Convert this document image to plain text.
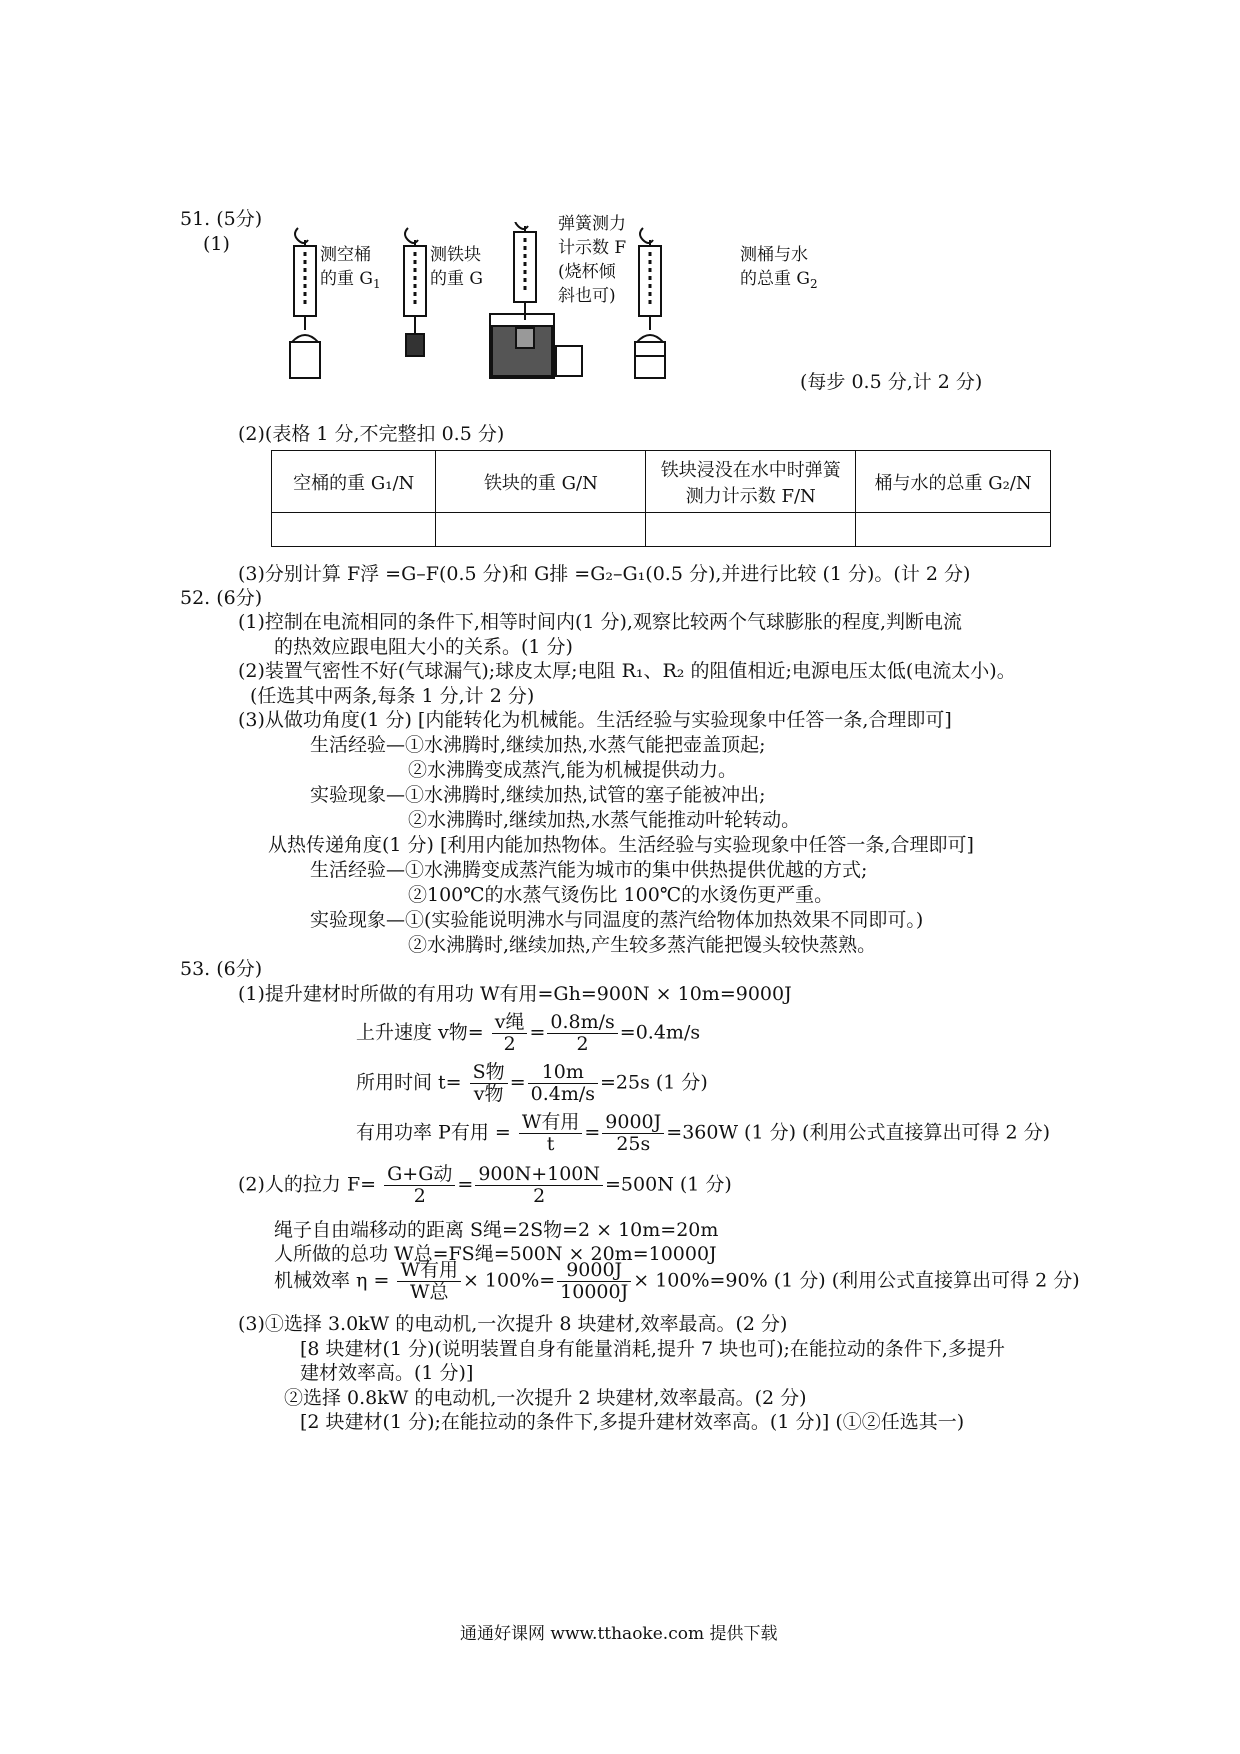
51. (5分)
(1)	测空桶
的重 $G_1$
测铁块
的重 G
弹簧测力
计示数 F
(烧杯倾
斜也可)
测桶与水
的总重 $G_2$
(每步 0.5 分,计 2 分)
(2)(表格 1 分,不完整扣 0.5 分)
空桶的重 G₁/N	铁块的重 G/N	铁块浸没在水中时弹簧测力计示数 F/N	桶与水的总重 G₂/N

(3)分别计算 F浮 =G–F(0.5 分)和 G排 =G₂–G₁(0.5 分),并进行比较 (1 分)。(计 2 分)
52. (6分)
(1)控制在电流相同的条件下,相等时间内(1 分),观察比较两个气球膨胀的程度,判断电流
的热效应跟电阻大小的关系。(1 分)
(2)装置气密性不好(气球漏气);球皮太厚;电阻 R₁、R₂ 的阻值相近;电源电压太低(电流太小)。
(任选其中两条,每条 1 分,计 2 分)
(3)从做功角度(1 分) [内能转化为机械能。生活经验与实验现象中任答一条,合理即可]
生活经验—①水沸腾时,继续加热,水蒸气能把壶盖顶起;
②水沸腾变成蒸汽,能为机械提供动力。
实验现象—①水沸腾时,继续加热,试管的塞子能被冲出;
②水沸腾时,继续加热,水蒸气能推动叶轮转动。
从热传递角度(1 分) [利用内能加热物体。生活经验与实验现象中任答一条,合理即可]
生活经验—①水沸腾变成蒸汽能为城市的集中供热提供优越的方式;
②100℃的水蒸气烫伤比 100℃的水烫伤更严重。
实验现象—①(实验能说明沸水与同温度的蒸汽给物体加热效果不同即可。)
②水沸腾时,继续加热,产生较多蒸汽能把馒头较快蒸熟。
53. (6分)
(1)提升建材时所做的有用功 W有用=Gh=900N × 10m=9000J
上升速度 v物= $\frac{\text{v绳}}{2} = \frac{0.8m/s}{2} =0.4m/s$
所用时间 $t= \frac{\text{S物}}{\text{v物}} = \frac{10m}{0.4m/s} =25s$ (1 分)
有用功率 P有用 = $\frac{\text{W有用}}{t} = \frac{9000J}{25s} =360W$ (1 分) (利用公式直接算出可得 2 分)
(2)人的拉力 $F= \frac{\text{G+G动}}{2} = \frac{900N+100N}{2} =500N$ (1 分)
绳子自由端移动的距离 S绳=2S物=2 × 10m=20m
人所做的总功 W总=FS绳=500N × 20m=10000J
机械效率 $\eta = \frac{\text{W有用}}{\text{W总}} \times 100\%= \frac{9000J}{10000J} \times 100\%=90\%$ (1 分) (利用公式直接算出可得 2 分)
(3)①选择 3.0kW 的电动机,一次提升 8 块建材,效率最高。(2 分)
[8 块建材(1 分)(说明装置自身有能量消耗,提升 7 块也可);在能拉动的条件下,多提升
建材效率高。(1 分)]
②选择 0.8kW 的电动机,一次提升 2 块建材,效率最高。(2 分)
[2 块建材(1 分);在能拉动的条件下,多提升建材效率高。(1 分)] (①②任选其一)
通通好课网 www.tthaoke.com 提供下载
